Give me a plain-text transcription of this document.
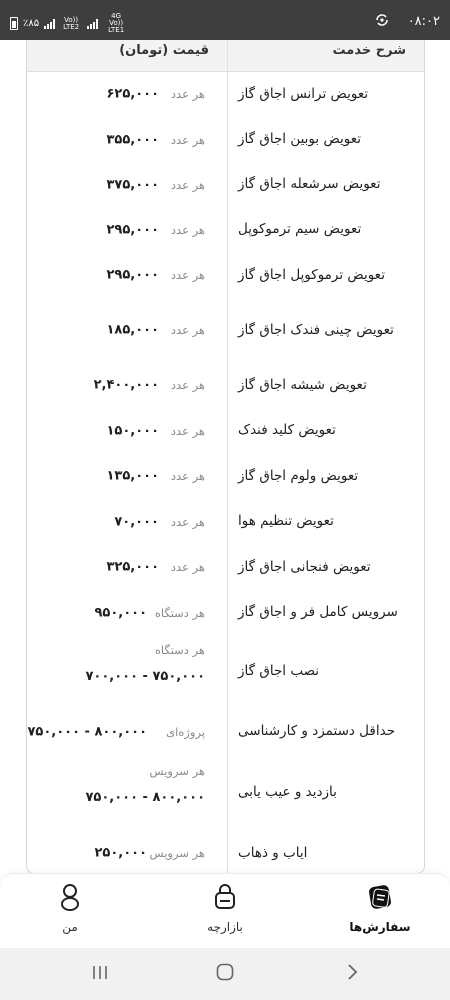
٪۸۵	Vo)) LTE2
4G Vo)) LTE1
۰۸:۰۲
شرح خدمت
قیمت (تومان)
تعویض ترانس اجاق گاز
هر عدد
۶۲۵,۰۰۰
تعویض بوبین اجاق گاز
هر عدد
۳۵۵,۰۰۰
تعویض سرشعله اجاق گاز
هر عدد
۳۷۵,۰۰۰
تعویض سیم ترموکوپل
هر عدد
۲۹۵,۰۰۰
تعویض ترموکوپل اجاق گاز
هر عدد
۲۹۵,۰۰۰
تعویض چینی فندک اجاق گاز
هر عدد
۱۸۵,۰۰۰
تعویض شیشه اجاق گاز
هر عدد
۲,۴۰۰,۰۰۰
تعویض کلید فندک
هر عدد
۱۵۰,۰۰۰
تعویض ولوم اجاق گاز
هر عدد
۱۳۵,۰۰۰
تعویض تنظیم هوا
هر عدد
۷۰,۰۰۰
تعویض فنجانی اجاق گاز
هر عدد
۳۲۵,۰۰۰
سرویس کامل فر و اجاق گاز
هر دستگاه
۹۵۰,۰۰۰
نصب اجاق گاز
هر دستگاه
۷۵۰,۰۰۰ - ۷۰۰,۰۰۰
حداقل دستمزد و کارشناسی
پروژه‌ای
۸۰۰,۰۰۰ - ۷۵۰,۰۰۰
بازدید و عیب یابی
هر سرویس
۸۰۰,۰۰۰ - ۷۵۰,۰۰۰
ایاب و ذهاب
هر سرویس
۲۵۰,۰۰۰
سفارش‌ها
بازارچه
من
